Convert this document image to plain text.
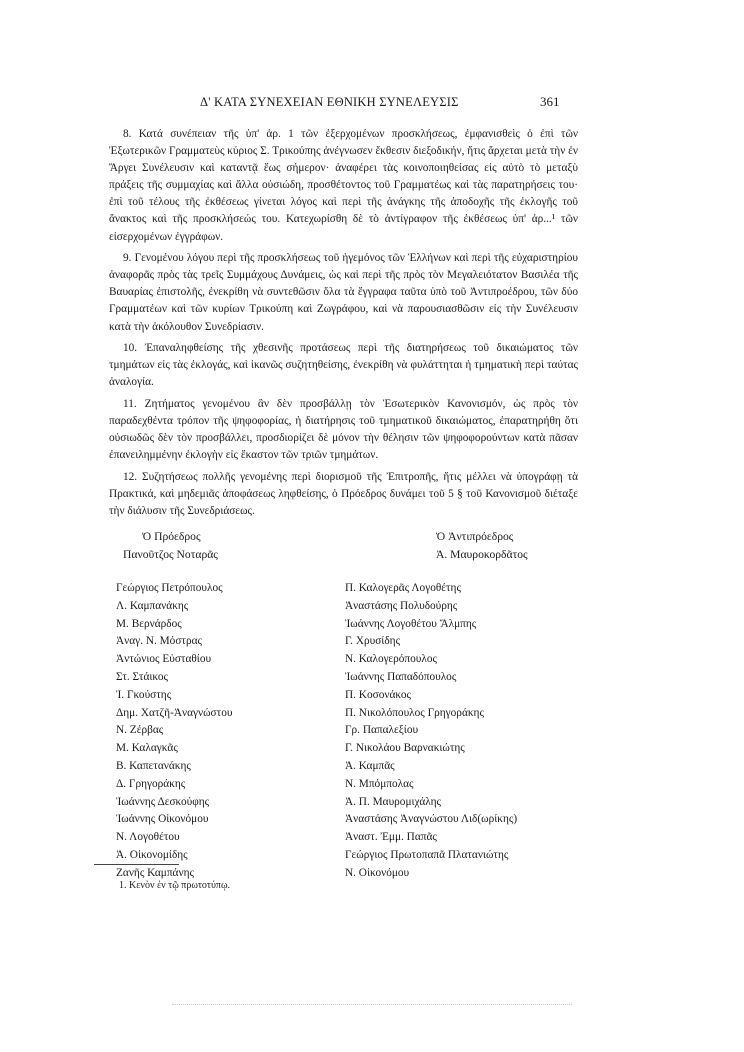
Δ' ΚΑΤΑ ΣΥΝΕΧΕΙΑΝ ΕΘΝΙΚΗ ΣΥΝΕΛΕΥΣΙΣ	361

8. Κατά συνέπειαν τῆς ὑπ' ἀρ. 1 τῶν ἐξερχομένων προσκλήσεως, ἐμφανισθεὶς ὁ ἐπὶ τῶν Ἐξωτερικῶν Γραμματεὺς κύριος Σ. Τρικούπης ἀνέγνωσεν ἔκθεσιν διεξοδικήν, ἥτις ἄρχεται μετὰ τὴν ἐν Ἄργει Συνέλευσιν καὶ καταντᾷ ἕως σήμερον· ἀναφέρει τὰς κοινοποιηθείσας εἰς αὐτὸ τὸ μεταξὺ πράξεις τῆς συμμαχίας καὶ ἄλλα οὐσιώδη, προσθέτοντος τοῦ Γραμματέως καὶ τὰς παρατηρήσεις του· ἐπὶ τοῦ τέλους τῆς ἐκθέσεως γίνεται λόγος καὶ περὶ τῆς ἀνάγκης τῆς ἀποδοχῆς τῆς ἐκλογῆς τοῦ ἄνακτος καὶ τῆς προσκλήσεώς του. Κατεχωρίσθη δὲ τὸ ἀντίγραφον τῆς ἐκθέσεως ὑπ' ἀρ...¹ τῶν εἰσερχομένων ἐγγράφων.

9. Γενομένου λόγου περὶ τῆς προσκλήσεως τοῦ ἡγεμόνος τῶν Ἑλλήνων καὶ περὶ τῆς εὐχαριστηρίου ἀναφορᾶς πρὸς τὰς τρεῖς Συμμάχους Δυνάμεις, ὡς καὶ περὶ τῆς πρὸς τὸν Μεγαλειότατον Βασιλέα τῆς Βαυαρίας ἐπιστολῆς, ἐνεκρίθη νὰ συντεθῶσιν ὅλα τὰ ἔγγραφα ταῦτα ὑπὸ τοῦ Ἀντιπροέδρου, τῶν δύο Γραμματέων καὶ τῶν κυρίων Τρικούπη καὶ Ζωγράφου, καὶ νὰ παρουσιασθῶσιν εἰς τὴν Συνέλευσιν κατὰ τὴν ἀκόλουθον Συνεδρίασιν.

10. Ἐπαναληφθείσης τῆς χθεσινῆς προτάσεως περὶ τῆς διατηρήσεως τοῦ δικαιώματος τῶν τμημάτων εἰς τὰς ἐκλογάς, καὶ ἱκανῶς συζητηθείσης, ἐνεκρίθη νὰ φυλάττηται ἡ τμηματικὴ περὶ ταύτας ἀναλογία.

11. Ζητήματος γενομένου ἂν δὲν προσβάλλῃ τὸν Ἐσωτερικὸν Κανονισμόν, ὡς πρὸς τὸν παραδεχθέντα τρόπον τῆς ψηφοφορίας, ἡ διατήρησις τοῦ τμηματικοῦ δικαιώματος, ἐπαρατηρήθη ὅτι οὐσιωδῶς δὲν τὸν προσβάλλει, προσδιορίζει δὲ μόνον τὴν θέλησιν τῶν ψηφοφορούντων κατὰ πᾶσαν ἐπανειλημμένην ἐκλογὴν εἰς ἕκαστον τῶν τριῶν τμημάτων.

12. Συζητήσεως πολλῆς γενομένης περὶ διορισμοῦ τῆς Ἐπιτροπῆς, ἥτις μέλλει νὰ ὑπογράφῃ τὰ Πρακτικά, καὶ μηδεμιᾶς ἀποφάσεως ληφθείσης, ὁ Πρόεδρος δυνάμει τοῦ 5 § τοῦ Κανονισμοῦ διέταξε τὴν διάλυσιν τῆς Συνεδριάσεως.

Ὁ Πρόεδρος
Πανοῦτζος Νοταρᾶς
Ὁ Ἀντιπρόεδρος
Ἀ. Μαυροκορδᾶτος
Γεώργιος Πετρόπουλος
Λ. Καμπανάκης
Μ. Βερνάρδος
Ἀναγ. Ν. Μόστρας
Ἀντώνιος Εὐσταθίου
Στ. Στάικος
Ἰ. Γκούστης
Δημ. Χατζῆ-Ἀναγνώστου
Ν. Ζέρβας
Μ. Καλαγκᾶς
Β. Καπετανάκης
Δ. Γρηγοράκης
Ἰωάννης Δεσκούφης
Ἰωάννης Οἰκονόμου
Ν. Λογοθέτου
Ἀ. Οἰκονομίδης
Ζανῆς Καμπάνης
Π. Καλογερᾶς Λογοθέτης
Ἀναστάσης Πολυδούρης
Ἰωάννης Λογοθέτου Ἄλμπης
Γ. Χρυσίδης
Ν. Καλογερόπουλος
Ἰωάννης Παπαδόπουλος
Π. Κοσονάκος
Π. Νικολόπουλος Γρηγοράκης
Γρ. Παπαλεξίου
Γ. Νικολάου Βαρνακιώτης
Ἀ. Καμπᾶς
Ν. Μπόμπολας
Ἀ. Π. Μαυρομιχάλης
Ἀναστάσης Ἀναγνώστου Λιδ(ωρίκης)
Ἀναστ. Ἐμμ. Παπᾶς
Γεώργιος Πρωτοπαπᾶ Πλατανιώτης
Ν. Οἰκονόμου
1. Κενὸν ἐν τῷ πρωτοτύπῳ.
